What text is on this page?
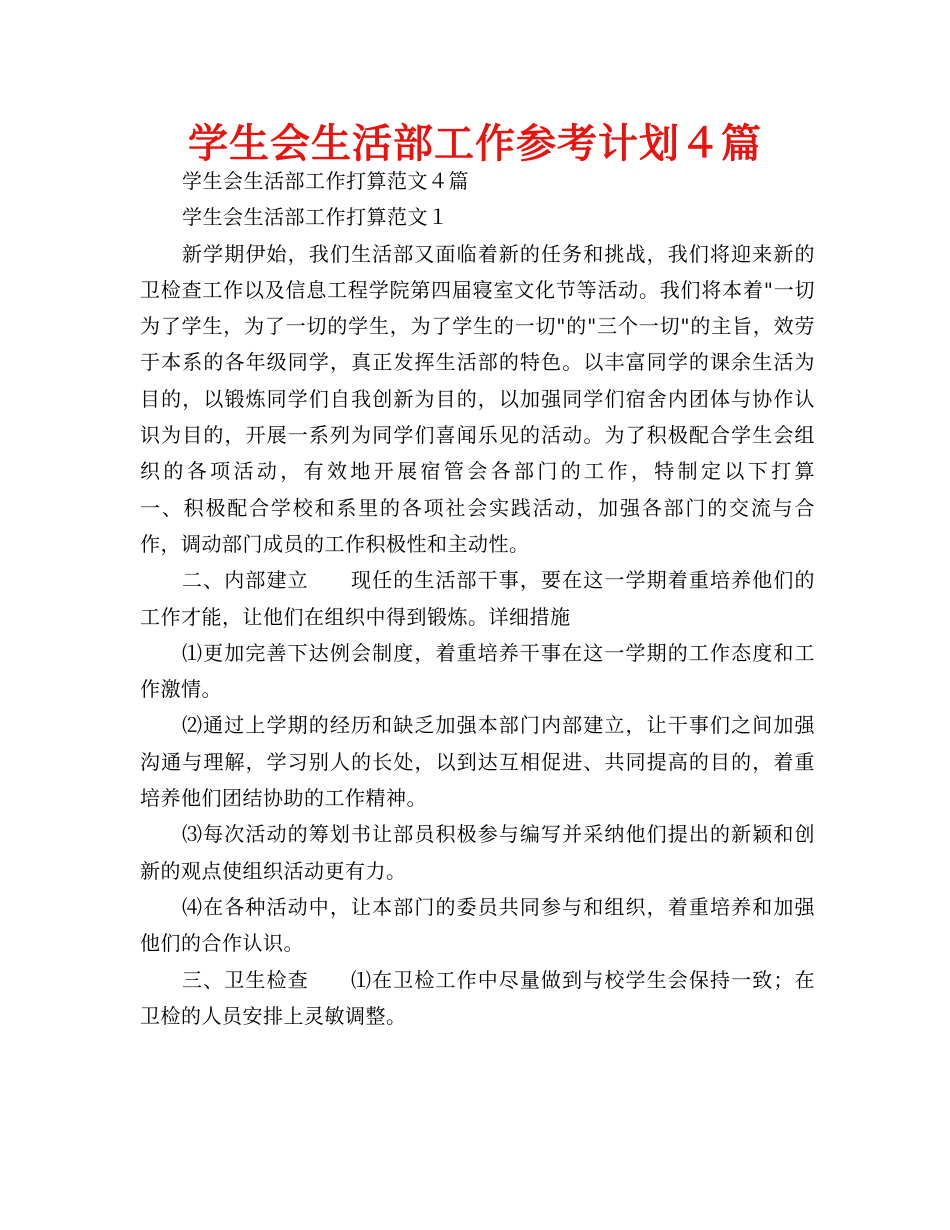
学生会生活部工作参考计划４篇

学生会生活部工作打算范文４篇

学生会生活部工作打算范文１

新学期伊始，我们生活部又面临着新的任务和挑战，我们将迎来新的卫检查工作以及信息工程学院第四届寝室文化节等活动。我们将本着"一切为了学生，为了一切的学生，为了学生的一切"的"三个一切"的主旨，效劳于本系的各年级同学，真正发挥生活部的特色。以丰富同学的课余生活为目的，以锻炼同学们自我创新为目的，以加强同学们宿舍内团体与协作认识为目的，开展一系列为同学们喜闻乐见的活动。为了积极配合学生会组织的各项活动，有效地开展宿管会各部门的工作，特制定以下打算　　一、积极配合学校和系里的各项社会实践活动，加强各部门的交流与合作，调动部门成员的工作积极性和主动性。

二、内部建立　　现任的生活部干事，要在这一学期着重培养他们的工作才能，让他们在组织中得到锻炼。详细措施

⑴更加完善下达例会制度，着重培养干事在这一学期的工作态度和工作激情。

⑵通过上学期的经历和缺乏加强本部门内部建立，让干事们之间加强沟通与理解，学习别人的长处，以到达互相促进、共同提高的目的，着重培养他们团结协助的工作精神。

⑶每次活动的筹划书让部员积极参与编写并采纳他们提出的新颖和创新的观点使组织活动更有力。

⑷在各种活动中，让本部门的委员共同参与和组织，着重培养和加强他们的合作认识。

三、卫生检查　　⑴在卫检工作中尽量做到与校学生会保持一致；在卫检的人员安排上灵敏调整。
